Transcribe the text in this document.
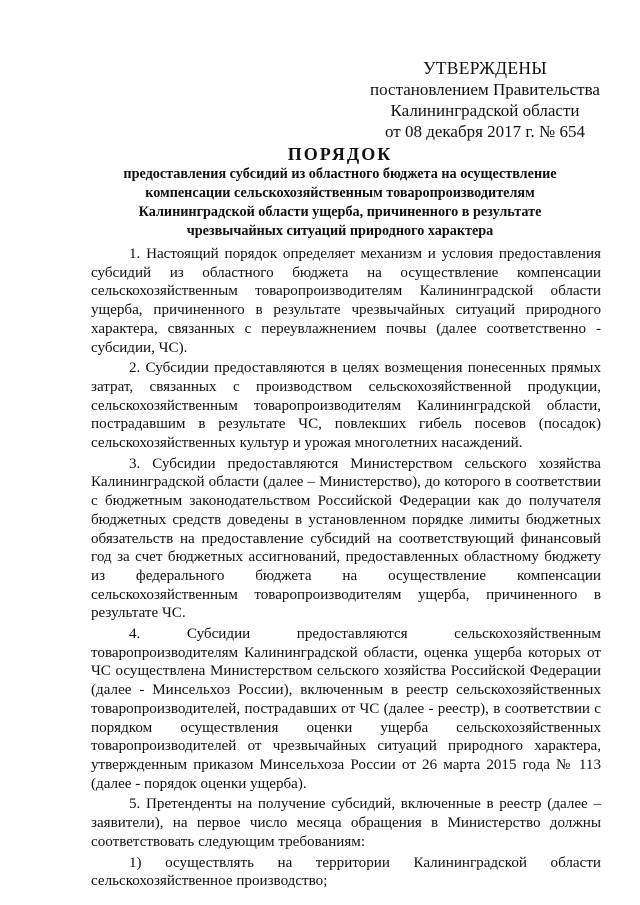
УТВЕРЖДЕНЫ
постановлением Правительства
Калининградской области
от 08 декабря 2017 г. № 654
ПОРЯДОК
предоставления субсидий из областного бюджета на осуществление
компенсации сельскохозяйственным товаропроизводителям
Калининградской области ущерба, причиненного в результате
чрезвычайных ситуаций природного характера

1. Настоящий порядок определяет механизм и условия предоставления субсидий из областного бюджета на осуществление компенсации сельскохозяйственным товаропроизводителям Калининградской области ущерба, причиненного в результате чрезвычайных ситуаций природного характера, связанных с переувлажнением почвы (далее соответственно - субсидии, ЧС).

2. Субсидии предоставляются в целях возмещения понесенных прямых затрат, связанных с производством сельскохозяйственной продукции, сельскохозяйственным товаропроизводителям Калининградской области, пострадавшим в результате ЧС, повлекших гибель посевов (посадок) сельскохозяйственных культур и урожая многолетних насаждений.

3. Субсидии предоставляются Министерством сельского хозяйства Калининградской области (далее – Министерство), до которого в соответствии с бюджетным законодательством Российской Федерации как до получателя бюджетных средств доведены в установленном порядке лимиты бюджетных обязательств на предоставление субсидий на соответствующий финансовый год за счет бюджетных ассигнований, предоставленных областному бюджету из федерального бюджета на осуществление компенсации сельскохозяйственным товаропроизводителям ущерба, причиненного в результате ЧС.

4. Субсидии предоставляются сельскохозяйственным товаропроизводителям Калининградской области, оценка ущерба которых от ЧС осуществлена Министерством сельского хозяйства Российской Федерации (далее - Минсельхоз России), включенным в реестр сельскохозяйственных товаропроизводителей, пострадавших от ЧС (далее - реестр), в соответствии с порядком осуществления оценки ущерба сельскохозяйственных товаропроизводителей от чрезвычайных ситуаций природного характера, утвержденным приказом Минсельхоза России от 26 марта 2015 года № 113 (далее - порядок оценки ущерба).

5. Претенденты на получение субсидий, включенные в реестр (далее – заявители), на первое число месяца обращения в Министерство должны соответствовать следующим требованиям:

1) осуществлять на территории Калининградской области сельскохозяйственное производство;
